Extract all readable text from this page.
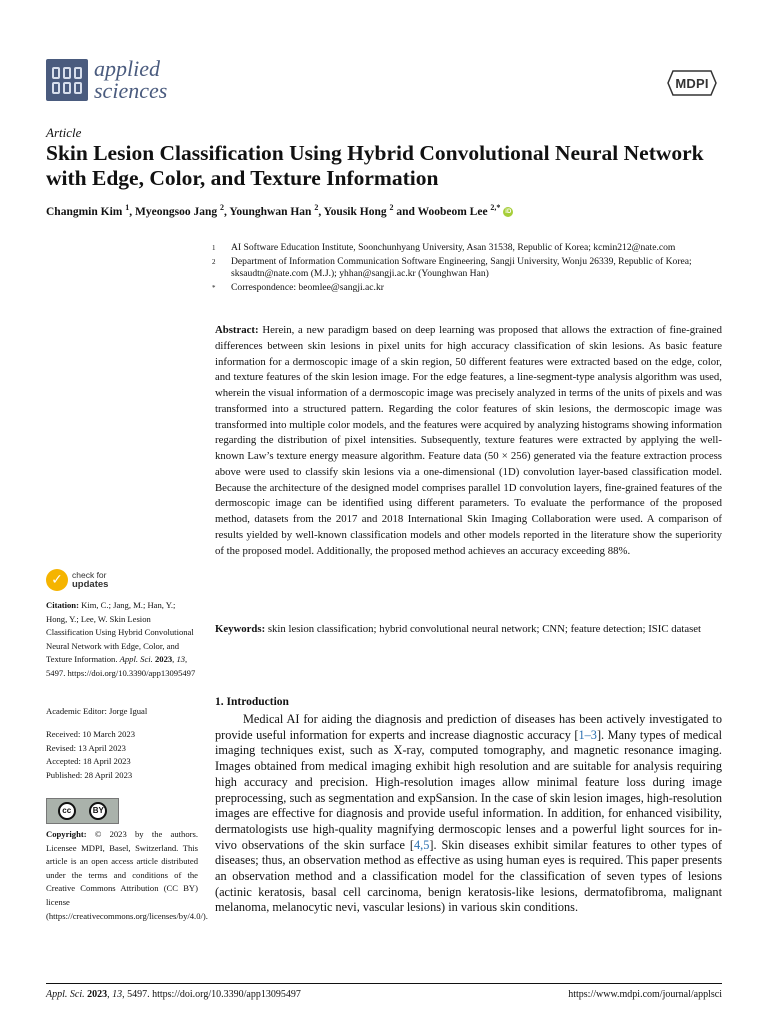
applied
sciences	MDPI
Article
Skin Lesion Classification Using Hybrid Convolutional Neural Network with Edge, Color, and Texture Information
Changmin Kim $^1$, Myeongsoo Jang $^2$, Younghwan Han $^2$, Yousik Hong $^2$ and Woobeom Lee $^{2,*}$ iD
1	AI Software Education Institute, Soonchunhyang University, Asan 31538, Republic of Korea; kcmin212@nate.com
2	Department of Information Communication Software Engineering, Sangji University, Wonju 26339, Republic of Korea; sksaudtn@nate.com (M.J.); yhhan@sangji.ac.kr (Younghwan Han)
*	Correspondence: beomlee@sangji.ac.kr
Abstract: Herein, a new paradigm based on deep learning was proposed that allows the extraction of fine-grained differences between skin lesions in pixel units for high accuracy classification of skin lesions. As basic feature information for a dermoscopic image of a skin region, 50 different features were extracted based on the edge, color, and texture features of the skin lesion image. For the edge features, a line-segment-type analysis algorithm was used, wherein the visual information of a dermoscopic image was precisely analyzed in terms of the units of pixels and was transformed into a structured pattern. Regarding the color features of skin lesions, the dermoscopic image was transformed into multiple color models, and the features were acquired by analyzing histograms showing information regarding the distribution of pixel intensities. Subsequently, texture features were extracted by applying the well-known Law’s texture energy measure algorithm. Feature data (50 × 256) generated via the feature extraction process above were used to classify skin lesions via a one-dimensional (1D) convolution layer-based classification model. Because the architecture of the designed model comprises parallel 1D convolution layers, fine-grained features of the dermoscopic image can be identified using different parameters. To evaluate the performance of the proposed method, datasets from the 2017 and 2018 International Skin Imaging Collaboration were used. A comparison of results yielded by well-known classification models and other models reported in the literature show the superiority of the proposed model. Additionally, the proposed method achieves an accuracy exceeding 88%.
Keywords: skin lesion classification; hybrid convolutional neural network; CNN; feature detection; ISIC dataset
1. Introduction
Medical AI for aiding the diagnosis and prediction of diseases has been actively investigated to provide useful information for experts and increase diagnostic accuracy [1–3]. Many types of medical imaging techniques exist, such as X-ray, computed tomography, and magnetic resonance imaging. Images obtained from medical imaging exhibit high resolution and are suitable for analysis requiring high accuracy and precision. High-resolution images allow minimal feature loss during image preprocessing, such as segmentation and expSansion. In the case of skin lesion images, high-resolution images are effective for diagnosis and provide useful information. In addition, for enhanced visibility, dermatologists use high-quality magnifying dermoscopic lenses and a powerful light sources for in-vivo observations of the skin surface [4,5]. Skin diseases exhibit similar features to other types of diseases; thus, an observation method as effective as using human eyes is required. This paper presents an observation method and a classification model for the classification of seven types of lesions (actinic keratosis, basal cell carcinoma, benign keratosis-like lesions, dermatofibroma, malignant melanoma, melanocytic nevi, vascular lesions) in various skin conditions.
✓	check for
updates
Citation: Kim, C.; Jang, M.; Han, Y.; Hong, Y.; Lee, W. Skin Lesion Classification Using Hybrid Convolutional Neural Network with Edge, Color, and Texture Information. Appl. Sci. 2023, 13, 5497. https://doi.org/10.3390/app13095497
Academic Editor: Jorge Igual
Received: 10 March 2023
Revised: 13 April 2023
Accepted: 18 April 2023
Published: 28 April 2023
cc	BY
Copyright: © 2023 by the authors. Licensee MDPI, Basel, Switzerland. This article is an open access article distributed under the terms and conditions of the Creative Commons Attribution (CC BY) license (https://creativecommons.org/licenses/by/4.0/).
Appl. Sci. 2023, 13, 5497. https://doi.org/10.3390/app13095497	https://www.mdpi.com/journal/applsci
